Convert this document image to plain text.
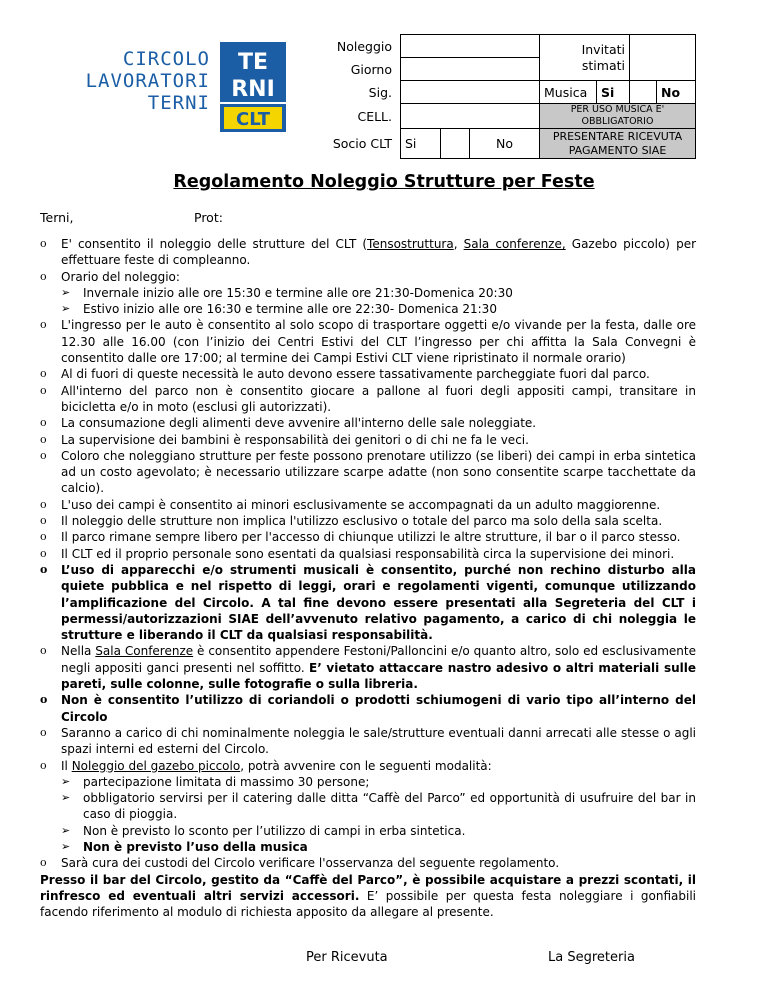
CIRCOLO
LAVORATORI
TERNI
TE
RNI
CLT
Noleggio				Invitati
stimati			
Giorno							
Sig.				Musica	Si		No
CELL.				PER USO MUSICA E'
OBBLIGATORIO			
Socio CLT	Si		No	PRESENTARE RICEVUTA
PAGAMENTO SIAE			
Regolamento Noleggio Strutture per Feste
Terni,	Prot:
o E' consentito il noleggio delle strutture del CLT (Tensostruttura, Sala conferenze, Gazebo piccolo) per effettuare feste di compleanno.
o Orario del noleggio:
➢ Invernale inizio alle ore 15:30 e termine alle ore 21:30-Domenica 20:30
➢ Estivo inizio alle ore 16:30 e termine alle ore 22:30- Domenica 21:30
o L'ingresso per le auto è consentito al solo scopo di trasportare oggetti e/o vivande per la festa, dalle ore 12.30 alle 16.00 (con l’inizio dei Centri Estivi del CLT l’ingresso per chi affitta la Sala Convegni è consentito dalle ore 17:00; al termine dei Campi Estivi CLT viene ripristinato il normale orario)
o Al di fuori di queste necessità le auto devono essere tassativamente parcheggiate fuori dal parco.
o All'interno del parco non è consentito giocare a pallone al fuori degli appositi campi, transitare in bicicletta e/o in moto (esclusi gli autorizzati).
o La consumazione degli alimenti deve avvenire all'interno delle sale noleggiate.
o La supervisione dei bambini è responsabilità dei genitori o di chi ne fa le veci.
o Coloro che noleggiano strutture per feste possono prenotare utilizzo (se liberi) dei campi in erba sintetica ad un costo agevolato; è necessario utilizzare scarpe adatte (non sono consentite scarpe tacchettate da calcio).
o L'uso dei campi è consentito ai minori esclusivamente se accompagnati da un adulto maggiorenne.
o Il noleggio delle strutture non implica l'utilizzo esclusivo o totale del parco ma solo della sala scelta.
o Il parco rimane sempre libero per l'accesso di chiunque utilizzi le altre strutture, il bar o il parco stesso.
o Il CLT ed il proprio personale sono esentati da qualsiasi responsabilità circa la supervisione dei minori.
o L’uso di apparecchi e/o strumenti musicali è consentito, purché non rechino disturbo alla quiete pubblica e nel rispetto di leggi, orari e regolamenti vigenti, comunque utilizzando l’amplificazione del Circolo. A tal fine devono essere presentati alla Segreteria del CLT i permessi/autorizzazioni SIAE dell’avvenuto relativo pagamento, a carico di chi noleggia le strutture e liberando il CLT da qualsiasi responsabilità.
o Nella Sala Conferenze è consentito appendere Festoni/Palloncini e/o quanto altro, solo ed esclusivamente negli appositi ganci presenti nel soffitto. E’ vietato attaccare nastro adesivo o altri materiali sulle pareti, sulle colonne, sulle fotografie o sulla libreria.
o Non è consentito l’utilizzo di coriandoli o prodotti schiumogeni di vario tipo all’interno del Circolo
o Saranno a carico di chi nominalmente noleggia le sale/strutture eventuali danni arrecati alle stesse o agli spazi interni ed esterni del Circolo.
o Il Noleggio del gazebo piccolo, potrà avvenire con le seguenti modalità:
➢ partecipazione limitata di massimo 30 persone;
➢ obbligatorio servirsi per il catering dalle ditta “Caffè del Parco” ed opportunità di usufruire del bar in caso di pioggia.
➢ Non è previsto lo sconto per l’utilizzo di campi in erba sintetica.
➢ Non è previsto l’uso della musica
o Sarà cura dei custodi del Circolo verificare l'osservanza del seguente regolamento.
Presso il bar del Circolo, gestito da “Caffè del Parco”, è possibile acquistare a prezzi scontati, il rinfresco ed eventuali altri servizi accessori. E’ possibile per questa festa noleggiare i gonfiabili facendo riferimento al modulo di richiesta apposito da allegare al presente.
Per Ricevuta	La Segreteria
